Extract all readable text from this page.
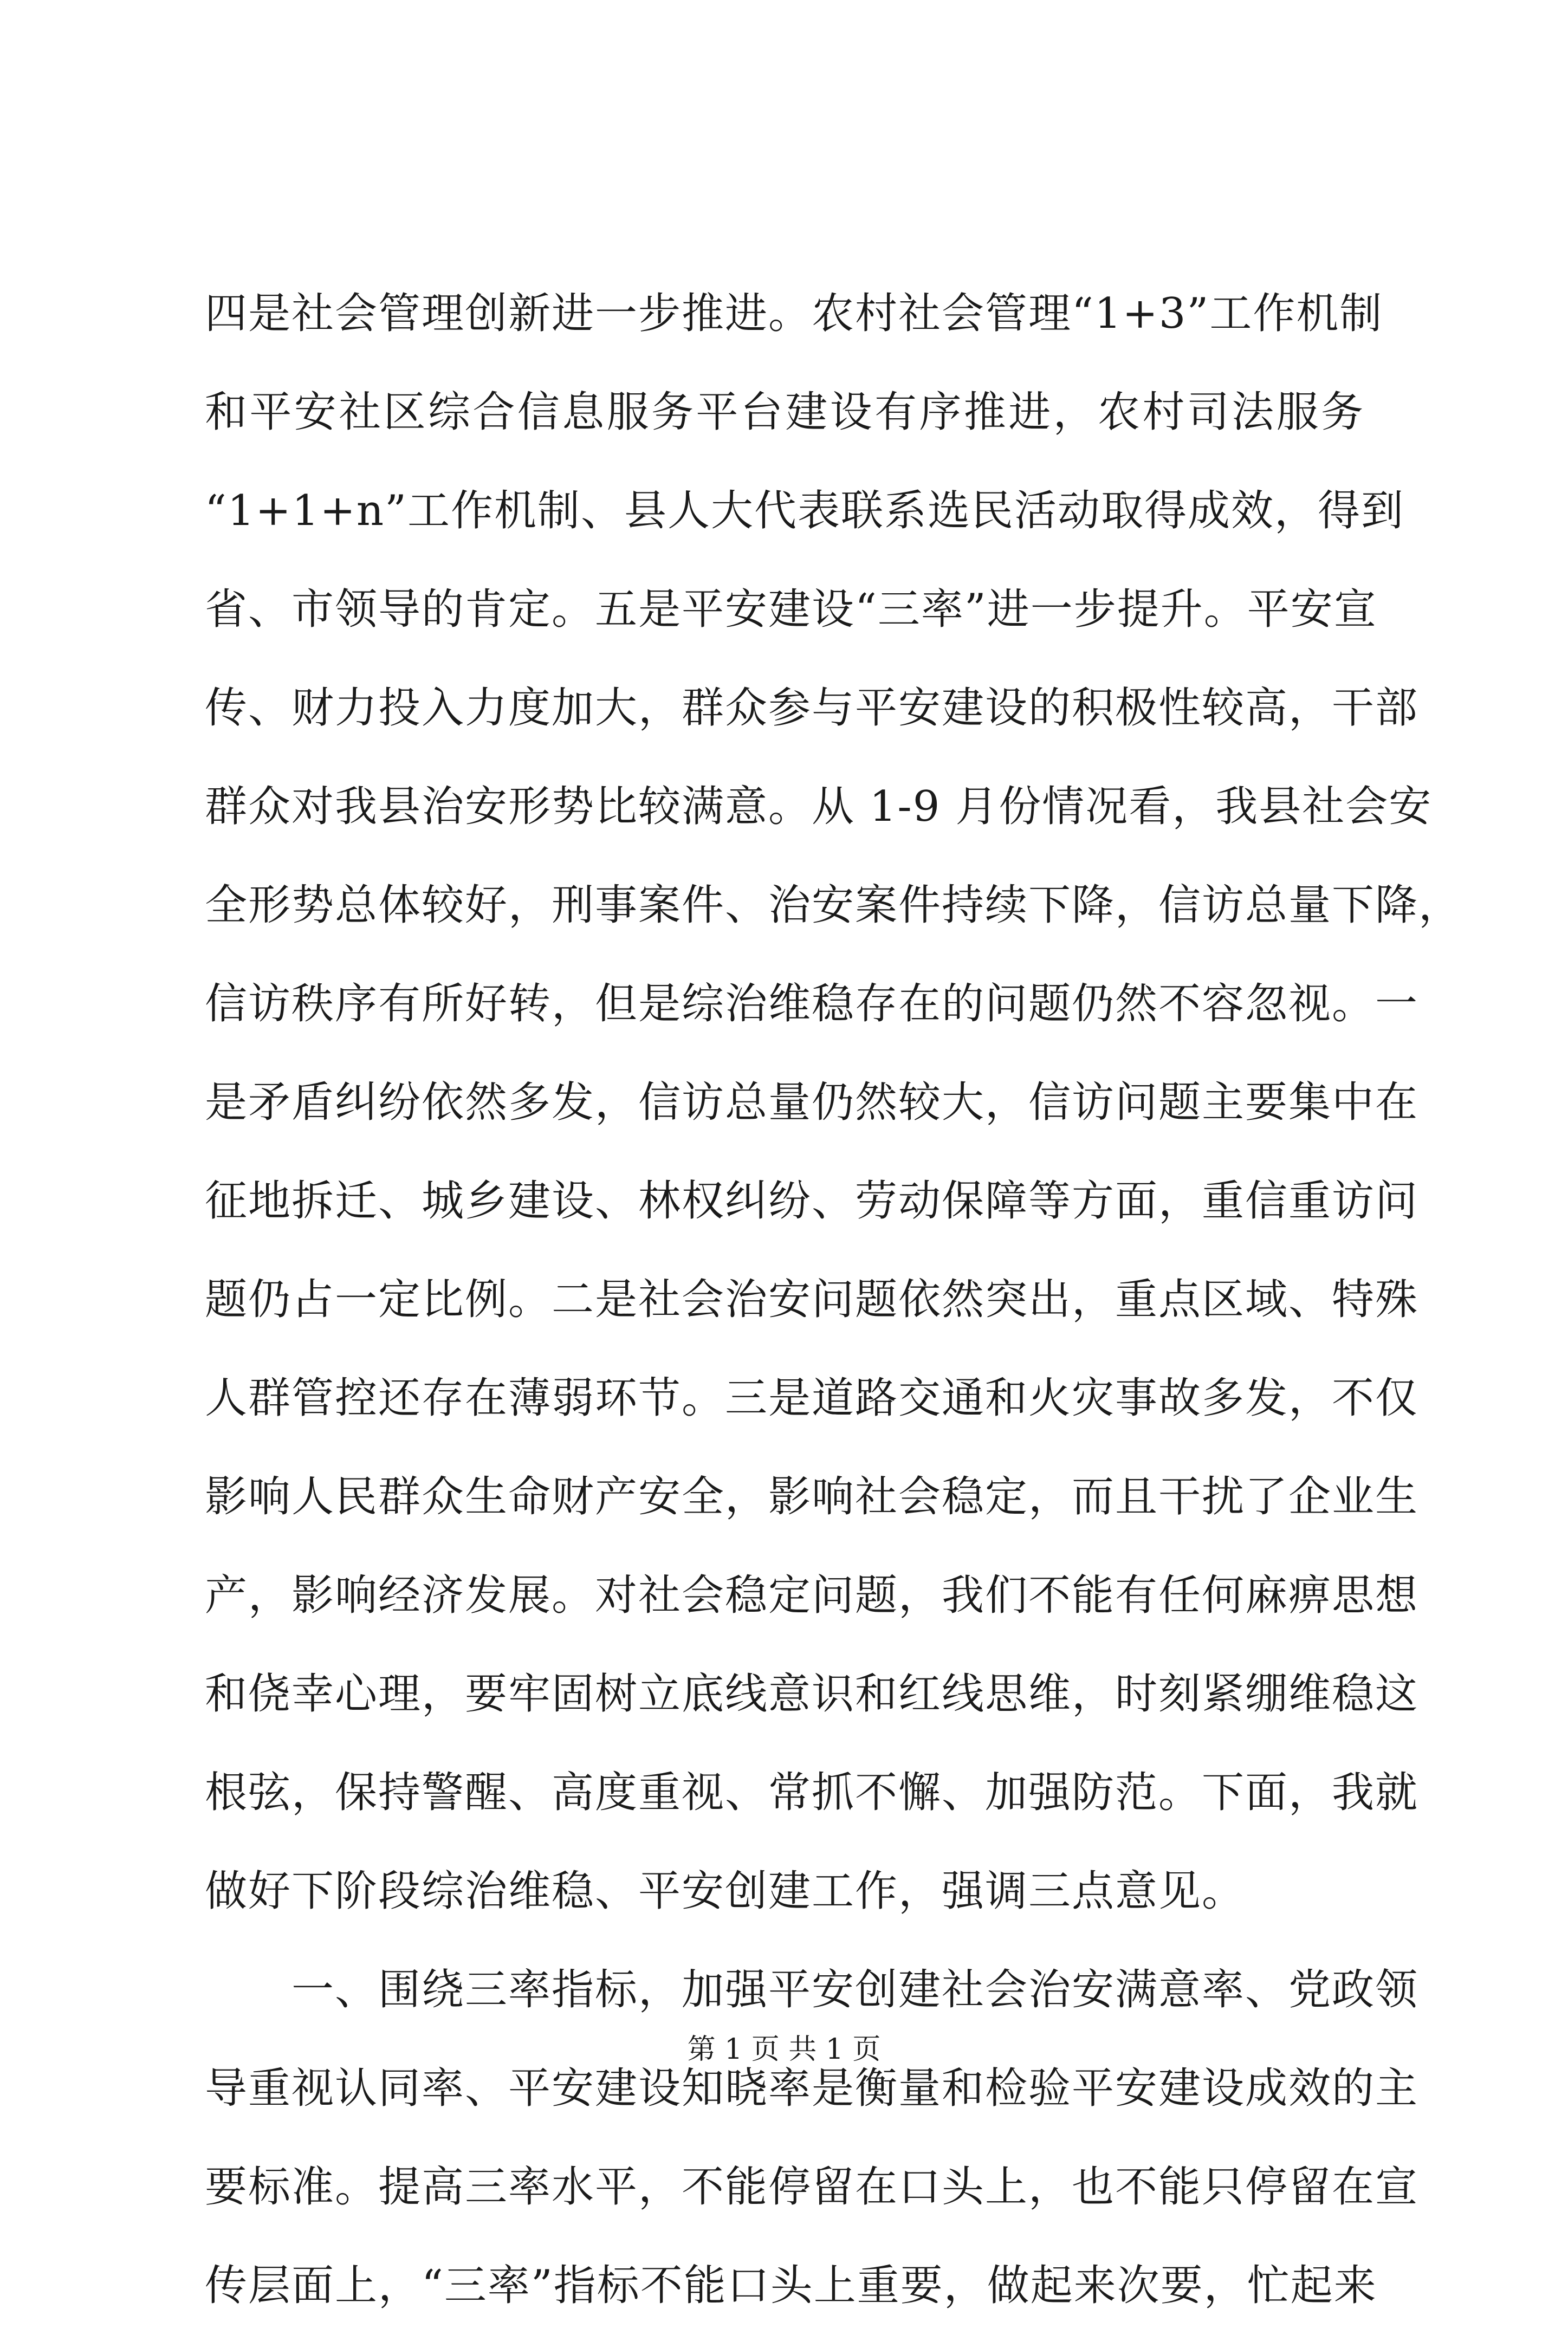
四是社会管理创新进一步推进。农村社会管理“1+3”工作机制
和平安社区综合信息服务平台建设有序推进，农村司法服务
“1+1+n”工作机制、县人大代表联系选民活动取得成效，得到
省、市领导的肯定。五是平安建设“三率”进一步提升。平安宣
传、财力投入力度加大，群众参与平安建设的积极性较高，干部
群众对我县治安形势比较满意。从 1-9 月份情况看，我县社会安
全形势总体较好，刑事案件、治安案件持续下降，信访总量下降，
信访秩序有所好转，但是综治维稳存在的问题仍然不容忽视。一
是矛盾纠纷依然多发，信访总量仍然较大，信访问题主要集中在
征地拆迁、城乡建设、林权纠纷、劳动保障等方面，重信重访问
题仍占一定比例。二是社会治安问题依然突出，重点区域、特殊
人群管控还存在薄弱环节。三是道路交通和火灾事故多发，不仅
影响人民群众生命财产安全，影响社会稳定，而且干扰了企业生
产，影响经济发展。对社会稳定问题，我们不能有任何麻痹思想
和侥幸心理，要牢固树立底线意识和红线思维，时刻紧绷维稳这
根弦，保持警醒、高度重视、常抓不懈、加强防范。下面，我就
做好下阶段综治维稳、平安创建工作，强调三点意见。
一、围绕三率指标，加强平安创建社会治安满意率、党政领
导重视认同率、平安建设知晓率是衡量和检验平安建设成效的主
要标准。提高三率水平，不能停留在口头上，也不能只停留在宣
传层面上，“三率”指标不能口头上重要，做起来次要，忙起来
第 1 页 共 1 页
